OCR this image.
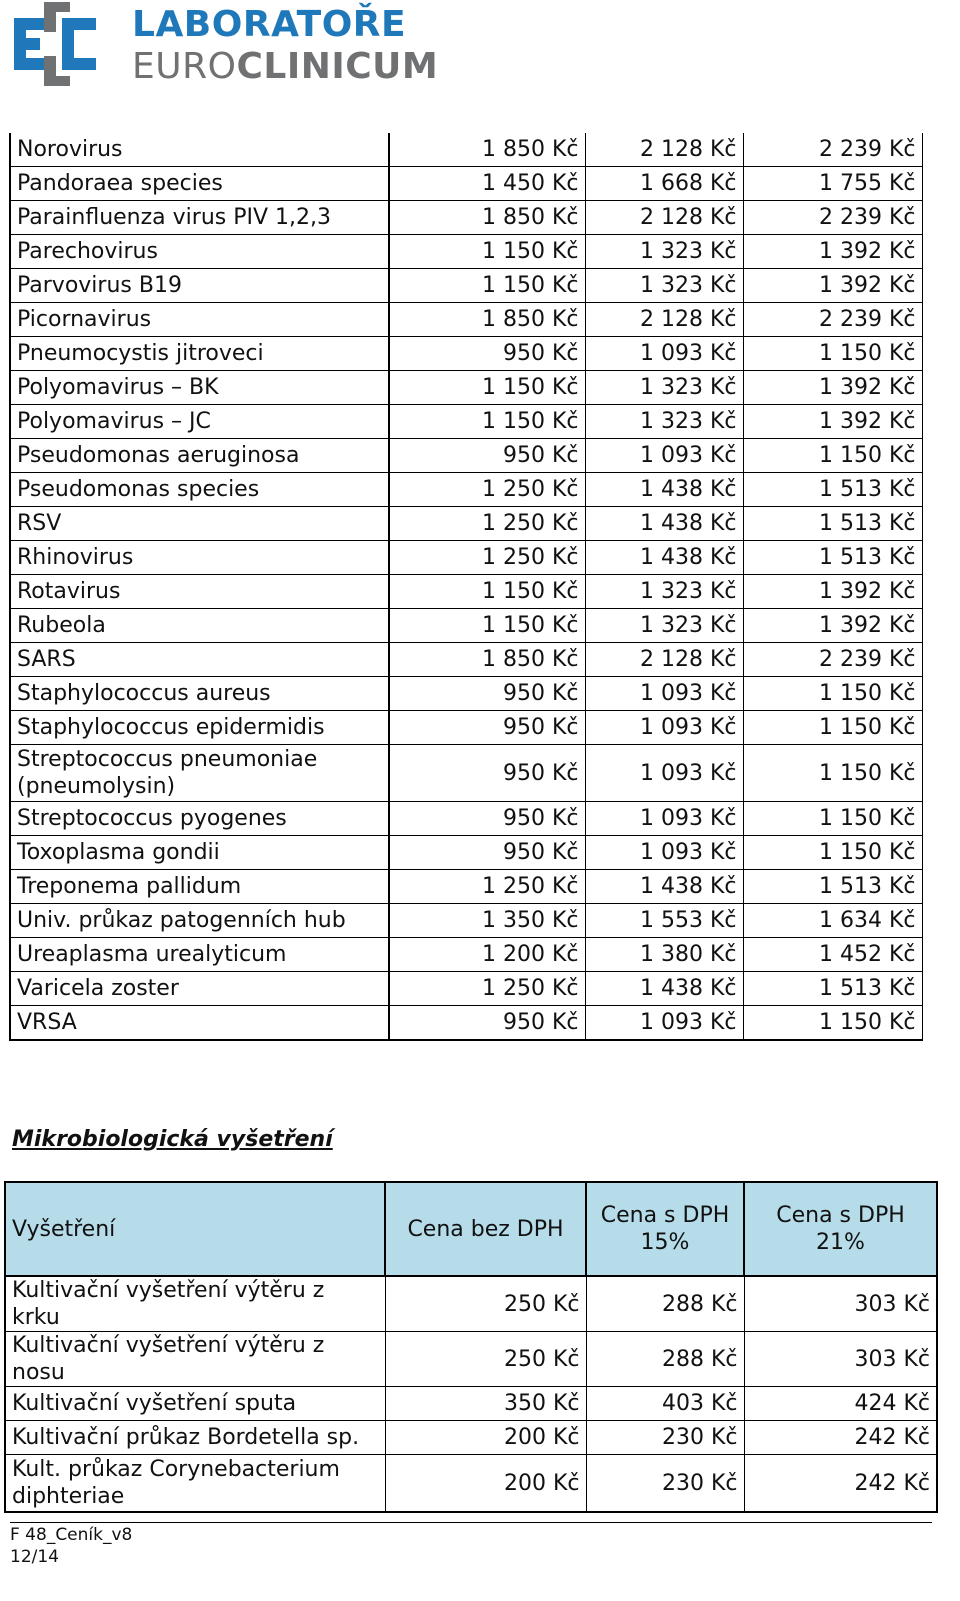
LABORATOŘE
EUROCLINICUM
Norovirus	1 850 Kč	2 128 Kč	2 239 Kč
Pandoraea species	1 450 Kč	1 668 Kč	1 755 Kč
Parainfluenza virus PIV 1,2,3	1 850 Kč	2 128 Kč	2 239 Kč
Parechovirus	1 150 Kč	1 323 Kč	1 392 Kč
Parvovirus B19	1 150 Kč	1 323 Kč	1 392 Kč
Picornavirus	1 850 Kč	2 128 Kč	2 239 Kč
Pneumocystis jitroveci	950 Kč	1 093 Kč	1 150 Kč
Polyomavirus – BK	1 150 Kč	1 323 Kč	1 392 Kč
Polyomavirus – JC	1 150 Kč	1 323 Kč	1 392 Kč
Pseudomonas aeruginosa	950 Kč	1 093 Kč	1 150 Kč
Pseudomonas species	1 250 Kč	1 438 Kč	1 513 Kč
RSV	1 250 Kč	1 438 Kč	1 513 Kč
Rhinovirus	1 250 Kč	1 438 Kč	1 513 Kč
Rotavirus	1 150 Kč	1 323 Kč	1 392 Kč
Rubeola	1 150 Kč	1 323 Kč	1 392 Kč
SARS	1 850 Kč	2 128 Kč	2 239 Kč
Staphylococcus aureus	950 Kč	1 093 Kč	1 150 Kč
Staphylococcus epidermidis	950 Kč	1 093 Kč	1 150 Kč
Streptococcus pneumoniae (pneumolysin)	950 Kč	1 093 Kč	1 150 Kč
Streptococcus pyogenes	950 Kč	1 093 Kč	1 150 Kč
Toxoplasma gondii	950 Kč	1 093 Kč	1 150 Kč
Treponema pallidum	1 250 Kč	1 438 Kč	1 513 Kč
Univ. průkaz patogenních hub	1 350 Kč	1 553 Kč	1 634 Kč
Ureaplasma urealyticum	1 200 Kč	1 380 Kč	1 452 Kč
Varicela zoster	1 250 Kč	1 438 Kč	1 513 Kč
VRSA	950 Kč	1 093 Kč	1 150 Kč
Mikrobiologická vyšetření
Vyšetření	Cena bez DPH	Cena s DPH 15%	Cena s DPH 21%
Kultivační vyšetření výtěru z krku	250 Kč	288 Kč	303 Kč
Kultivační vyšetření výtěru z nosu	250 Kč	288 Kč	303 Kč
Kultivační vyšetření sputa	350 Kč	403 Kč	424 Kč
Kultivační průkaz Bordetella sp.	200 Kč	230 Kč	242 Kč
Kult. průkaz Corynebacterium diphteriae	200 Kč	230 Kč	242 Kč
F 48_Ceník_v8
12/14
